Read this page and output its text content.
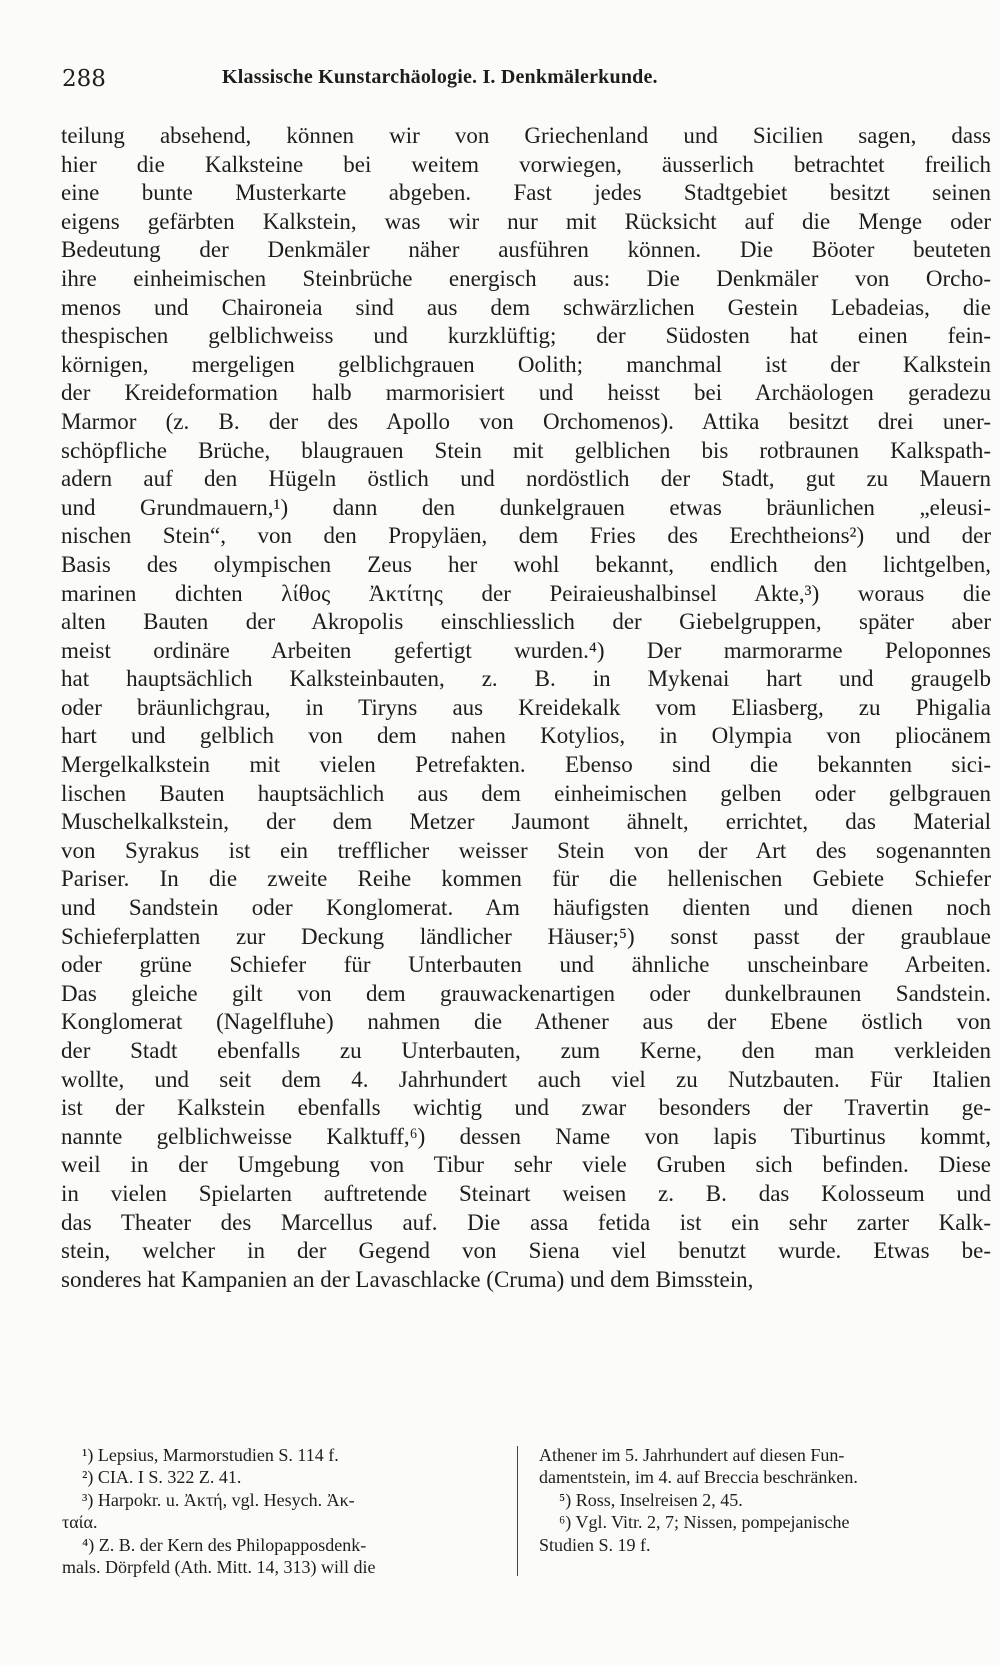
288	Klassische Kunstarchäologie. I. Denkmälerkunde.
teilung absehend, können wir von Griechenland und Sicilien sagen, dass
hier die Kalksteine bei weitem vorwiegen, äusserlich betrachtet freilich
eine bunte Musterkarte abgeben. Fast jedes Stadtgebiet besitzt seinen
eigens gefärbten Kalkstein, was wir nur mit Rücksicht auf die Menge oder
Bedeutung der Denkmäler näher ausführen können. Die Böoter beuteten
ihre einheimischen Steinbrüche energisch aus: Die Denkmäler von Orcho-
menos und Chaironeia sind aus dem schwärzlichen Gestein Lebadeias, die
thespischen gelblichweiss und kurzklüftig; der Südosten hat einen fein-
körnigen, mergeligen gelblichgrauen Oolith; manchmal ist der Kalkstein
der Kreideformation halb marmorisiert und heisst bei Archäologen geradezu
Marmor (z. B. der des Apollo von Orchomenos). Attika besitzt drei uner-
schöpfliche Brüche, blaugrauen Stein mit gelblichen bis rotbraunen Kalkspath-
adern auf den Hügeln östlich und nordöstlich der Stadt, gut zu Mauern
und Grundmauern,¹) dann den dunkelgrauen etwas bräunlichen „eleusi-
nischen Stein“, von den Propyläen, dem Fries des Erechtheions²) und der
Basis des olympischen Zeus her wohl bekannt, endlich den lichtgelben,
marinen dichten λίθος Ἀκτίτης der Peiraieushalbinsel Akte,³) woraus die
alten Bauten der Akropolis einschliesslich der Giebelgruppen, später aber
meist ordinäre Arbeiten gefertigt wurden.⁴) Der marmorarme Peloponnes
hat hauptsächlich Kalksteinbauten, z. B. in Mykenai hart und graugelb
oder bräunlichgrau, in Tiryns aus Kreidekalk vom Eliasberg, zu Phigalia
hart und gelblich von dem nahen Kotylios, in Olympia von pliocänem
Mergelkalkstein mit vielen Petrefakten. Ebenso sind die bekannten sici-
lischen Bauten hauptsächlich aus dem einheimischen gelben oder gelbgrauen
Muschelkalkstein, der dem Metzer Jaumont ähnelt, errichtet, das Material
von Syrakus ist ein trefflicher weisser Stein von der Art des sogenannten
Pariser. In die zweite Reihe kommen für die hellenischen Gebiete Schiefer
und Sandstein oder Konglomerat. Am häufigsten dienten und dienen noch
Schieferplatten zur Deckung ländlicher Häuser;⁵) sonst passt der graublaue
oder grüne Schiefer für Unterbauten und ähnliche unscheinbare Arbeiten.
Das gleiche gilt von dem grauwackenartigen oder dunkelbraunen Sandstein.
Konglomerat (Nagelfluhe) nahmen die Athener aus der Ebene östlich von
der Stadt ebenfalls zu Unterbauten, zum Kerne, den man verkleiden
wollte, und seit dem 4. Jahrhundert auch viel zu Nutzbauten. Für Italien
ist der Kalkstein ebenfalls wichtig und zwar besonders der Travertin ge-
nannte gelblichweisse Kalktuff,⁶) dessen Name von lapis Tiburtinus kommt,
weil in der Umgebung von Tibur sehr viele Gruben sich befinden. Diese
in vielen Spielarten auftretende Steinart weisen z. B. das Kolosseum und
das Theater des Marcellus auf. Die assa fetida ist ein sehr zarter Kalk-
stein, welcher in der Gegend von Siena viel benutzt wurde. Etwas be-
sonderes hat Kampanien an der Lavaschlacke (Cruma) und dem Bimsstein,
¹) Lepsius, Marmorstudien S. 114 f.
²) CIA. I S. 322 Z. 41.
³) Harpokr. u. Ἀκτή, vgl. Hesych. Ἀκ-
ταία.
⁴) Z. B. der Kern des Philopapposdenk-
mals. Dörpfeld (Ath. Mitt. 14, 313) will die
Athener im 5. Jahrhundert auf diesen Fun-
damentstein, im 4. auf Breccia beschränken.
⁵) Ross, Inselreisen 2, 45.
⁶) Vgl. Vitr. 2, 7; Nissen, pompejanische
Studien S. 19 f.
